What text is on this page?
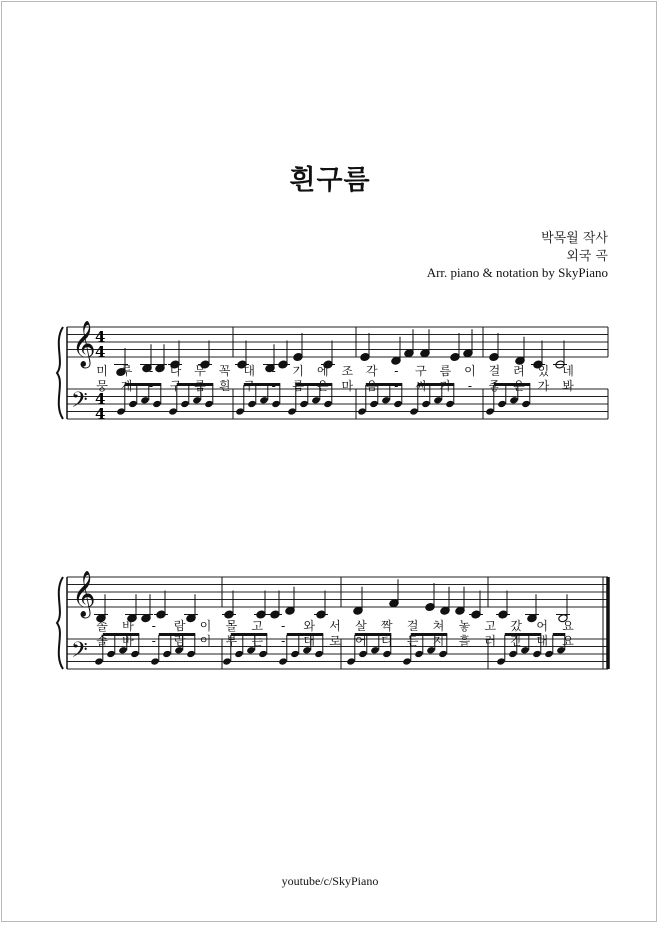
흰구름
박목월 작사
외국 곡
Arr. piano & notation by SkyPiano
𝄞
𝄢
4
4
4
4
미 루 - 나 무 꼭 대 - 기 에 조 각 - 구 름 이 걸 려 있 네
뭉 게 - 구 름 흰 구 - 름 은 마 음 - 씨 가 - 좋 은 가 봐
𝄞
𝄢
솔 바 - 람 이 몰 고 - 와 서 살 짝 걸 쳐 놓 고 갔 어 요
솔 바 - 람 이 부 는 - 대 로 어 디 든 지 흘 러 간 대 요
youtube/c/SkyPiano
